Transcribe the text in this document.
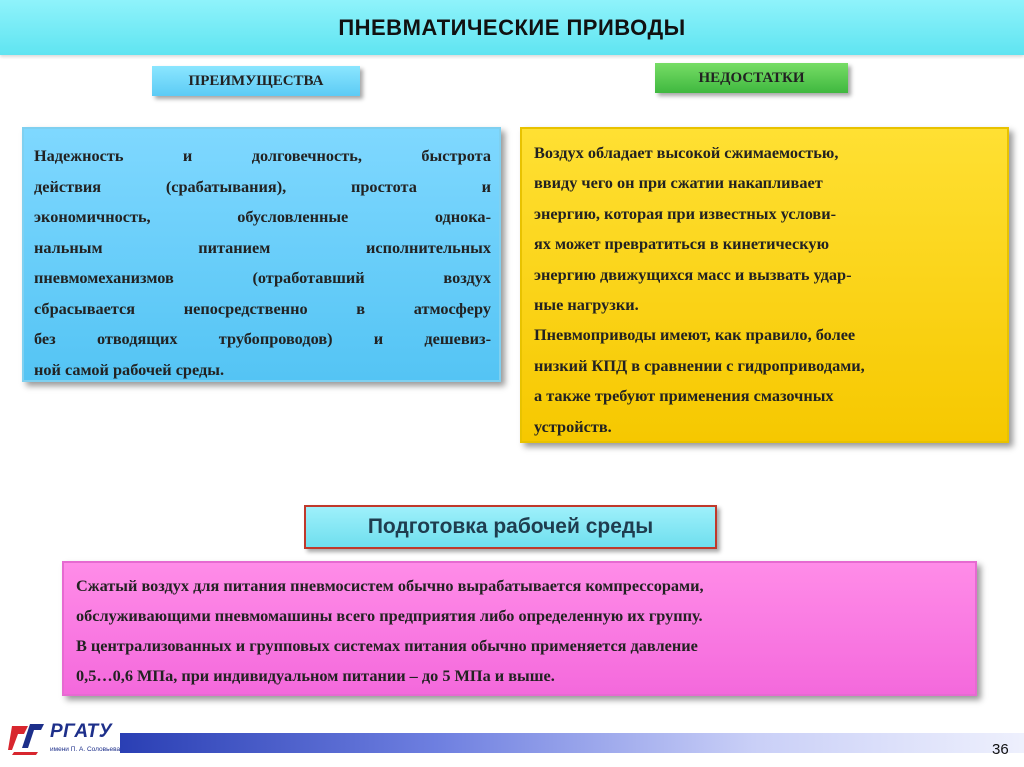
ПНЕВМАТИЧЕСКИЕ ПРИВОДЫ
ПРЕИМУЩЕСТВА	НЕДОСТАТКИ
Надежность и долговечность, быстрота
действия (срабатывания), простота и
экономичность, обусловленные однока-
нальным питанием исполнительных
пневмомеханизмов (отработавший воздух
сбрасывается непосредственно в атмосферу
без отводящих трубопроводов) и дешевиз-
ной самой рабочей среды.
Воздух обладает высокой сжимаемостью,
ввиду чего он при сжатии накапливает
энергию, которая при известных услови-
ях может превратиться в кинетическую
энергию движущихся масс и вызвать удар-
ные нагрузки.
Пневмоприводы имеют, как правило, более
низкий КПД в сравнении с гидроприводами,
а также требуют применения смазочных
устройств.
Подготовка рабочей среды
Сжатый воздух для питания пневмосистем обычно вырабатывается компрессорами,
обслуживающими пневмомашины всего предприятия либо определенную их группу.
В централизованных и групповых системах питания обычно применяется давление
0,5…0,6 МПа, при индивидуальном питании – до 5 МПа и выше.
РГАТУ
имени П. А. Соловьева	36
